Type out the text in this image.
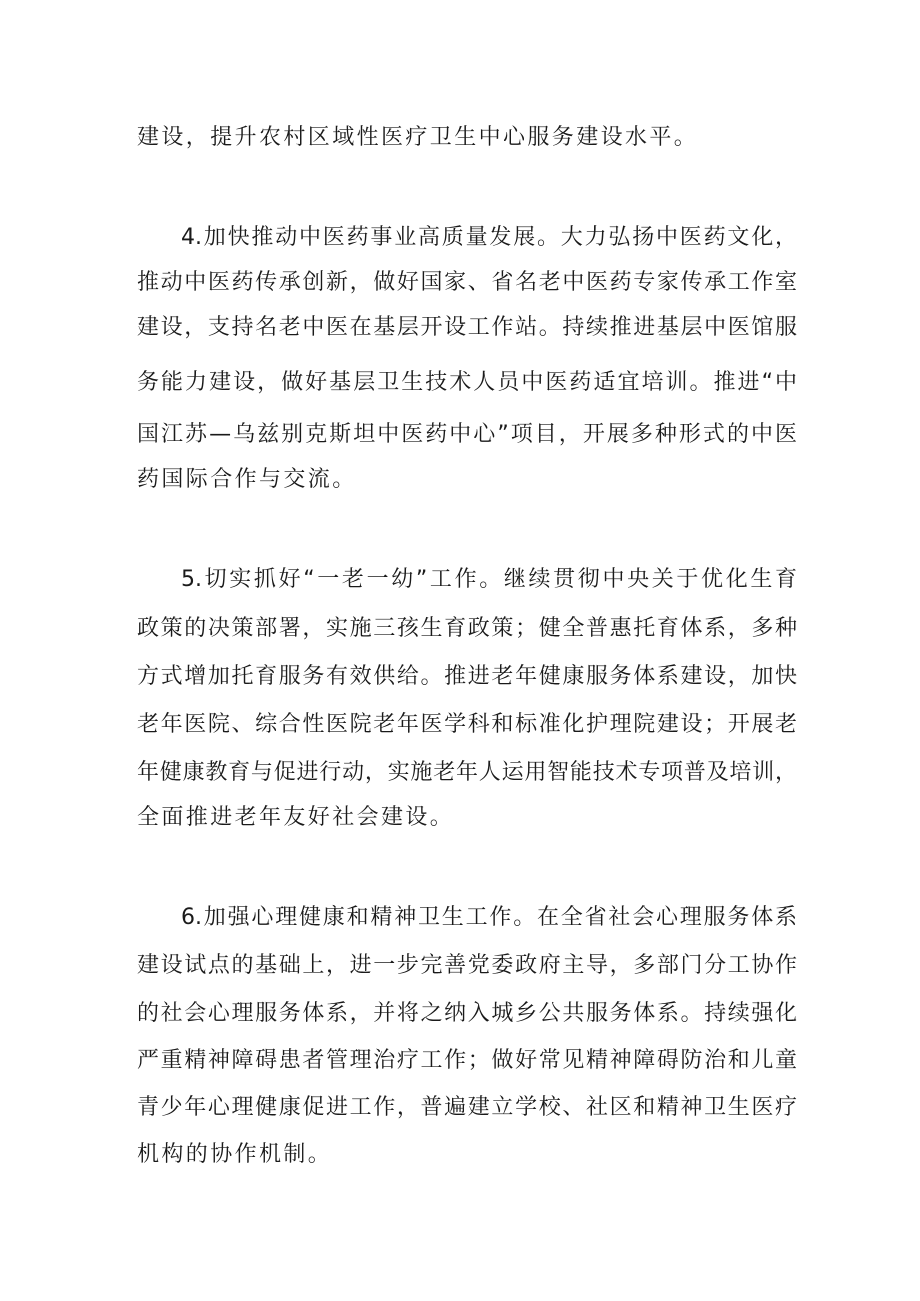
建设，提升农村区域性医疗卫生中心服务建设水平。

4.加快推动中医药事业高质量发展。大力弘扬中医药文化，

推动中医药传承创新，做好国家、省名老中医药专家传承工作室

建设，支持名老中医在基层开设工作站。持续推进基层中医馆服

务能力建设，做好基层卫生技术人员中医药适宜培训。推进“中

国江苏—乌兹别克斯坦中医药中心”项目，开展多种形式的中医

药国际合作与交流。

5.切实抓好“一老一幼”工作。继续贯彻中央关于优化生育

政策的决策部署，实施三孩生育政策；健全普惠托育体系，多种

方式增加托育服务有效供给。推进老年健康服务体系建设，加快

老年医院、综合性医院老年医学科和标准化护理院建设；开展老

年健康教育与促进行动，实施老年人运用智能技术专项普及培训，

全面推进老年友好社会建设。

6.加强心理健康和精神卫生工作。在全省社会心理服务体系

建设试点的基础上，进一步完善党委政府主导，多部门分工协作

的社会心理服务体系，并将之纳入城乡公共服务体系。持续强化

严重精神障碍患者管理治疗工作；做好常见精神障碍防治和儿童

青少年心理健康促进工作，普遍建立学校、社区和精神卫生医疗

机构的协作机制。
